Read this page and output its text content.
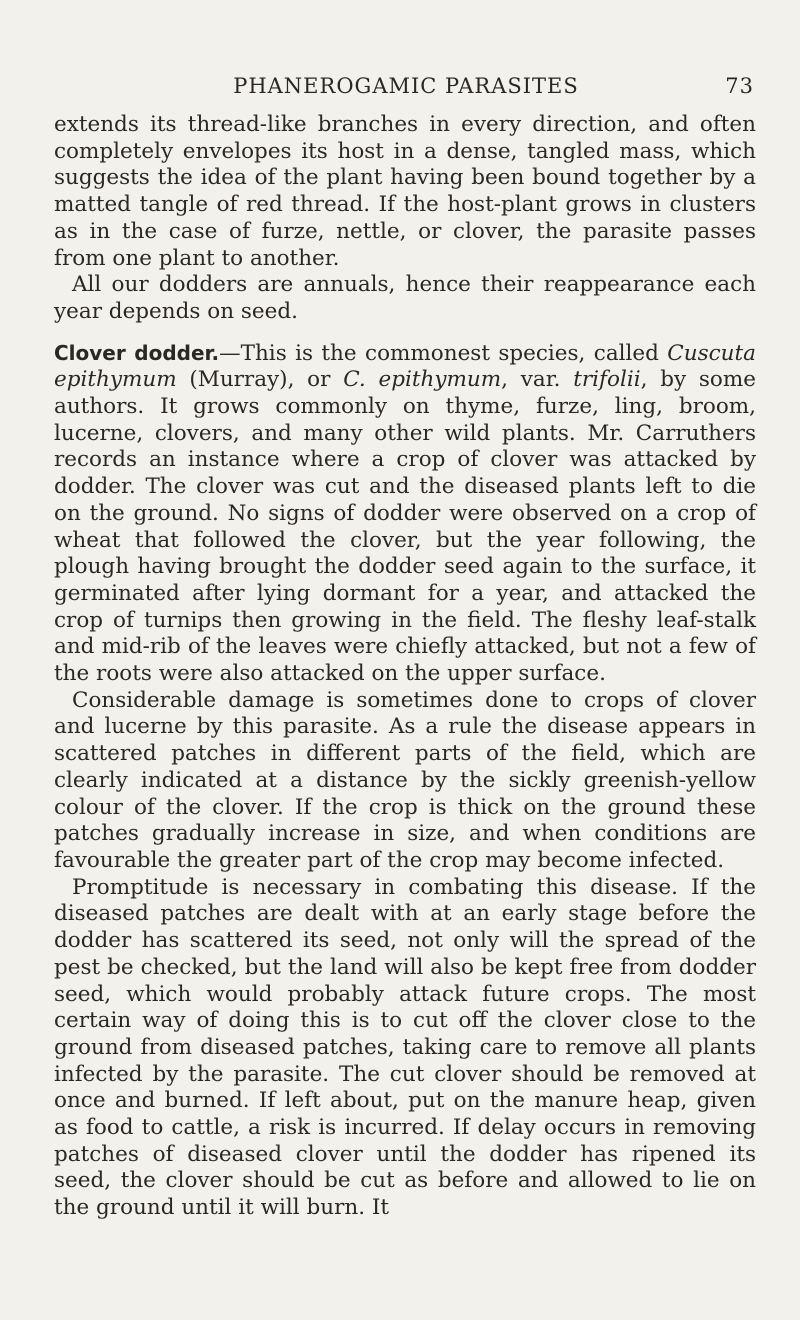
PHANEROGAMIC PARASITES	73

extends its thread-like branches in every direction, and often completely envelopes its host in a dense, tangled mass, which suggests the idea of the plant having been bound together by a matted tangle of red thread. If the host-plant grows in clusters as in the case of furze, nettle, or clover, the parasite passes from one plant to another.

All our dodders are annuals, hence their reappearance each year depends on seed.

Clover dodder.—This is the commonest species, called Cuscuta epithymum (Murray), or C. epithymum, var. trifolii, by some authors. It grows commonly on thyme, furze, ling, broom, lucerne, clovers, and many other wild plants. Mr. Carruthers records an instance where a crop of clover was attacked by dodder. The clover was cut and the diseased plants left to die on the ground. No signs of dodder were observed on a crop of wheat that followed the clover, but the year following, the plough having brought the dodder seed again to the surface, it germinated after lying dormant for a year, and attacked the crop of turnips then growing in the field. The fleshy leaf-stalk and mid-rib of the leaves were chiefly attacked, but not a few of the roots were also attacked on the upper surface.

Considerable damage is sometimes done to crops of clover and lucerne by this parasite. As a rule the disease appears in scattered patches in different parts of the field, which are clearly indicated at a distance by the sickly greenish-yellow colour of the clover. If the crop is thick on the ground these patches gradually increase in size, and when conditions are favourable the greater part of the crop may become infected.

Promptitude is necessary in combating this disease. If the diseased patches are dealt with at an early stage before the dodder has scattered its seed, not only will the spread of the pest be checked, but the land will also be kept free from dodder seed, which would probably attack future crops. The most certain way of doing this is to cut off the clover close to the ground from diseased patches, taking care to remove all plants infected by the parasite. The cut clover should be removed at once and burned. If left about, put on the manure heap, given as food to cattle, a risk is incurred. If delay occurs in removing patches of diseased clover until the dodder has ripened its seed, the clover should be cut as before and allowed to lie on the ground until it will burn. It
